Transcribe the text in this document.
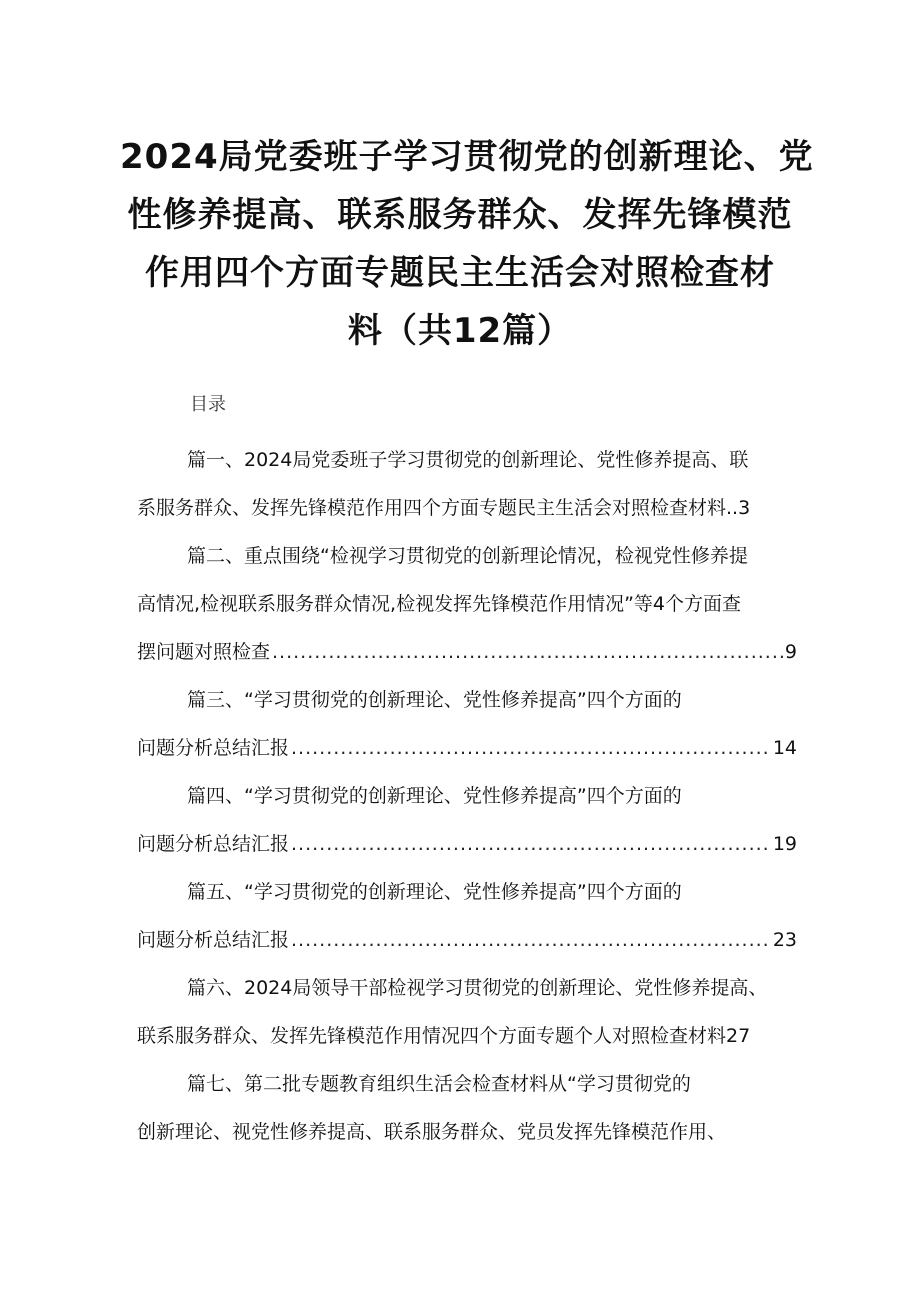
2024局党委班子学习贯彻党的创新理论、党
性修养提高、联系服务群众、发挥先锋模范
作用四个方面专题民主生活会对照检查材
料（共12篇）
目录
篇一、2024局党委班子学习贯彻党的创新理论、党性修养提高、联
系服务群众、发挥先锋模范作用四个方面专题民主生活会对照检查材料..3
篇二、重点围绕“检视学习贯彻党的创新理论情况，检视党性修养提
高情况,检视联系服务群众情况,检视发挥先锋模范作用情况”等4个方面查
摆问题对照检查 .....	9
篇三、“学习贯彻党的创新理论、党性修养提高”四个方面的
问题分析总结汇报 .....	14
篇四、“学习贯彻党的创新理论、党性修养提高”四个方面的
问题分析总结汇报 .....	19
篇五、“学习贯彻党的创新理论、党性修养提高”四个方面的
问题分析总结汇报 .....	23
篇六、2024局领导干部检视学习贯彻党的创新理论、党性修养提高、
联系服务群众、发挥先锋模范作用情况四个方面专题个人对照检查材料27
篇七、第二批专题教育组织生活会检查材料从“学习贯彻党的
创新理论、视党性修养提高、联系服务群众、党员发挥先锋模范作用、
